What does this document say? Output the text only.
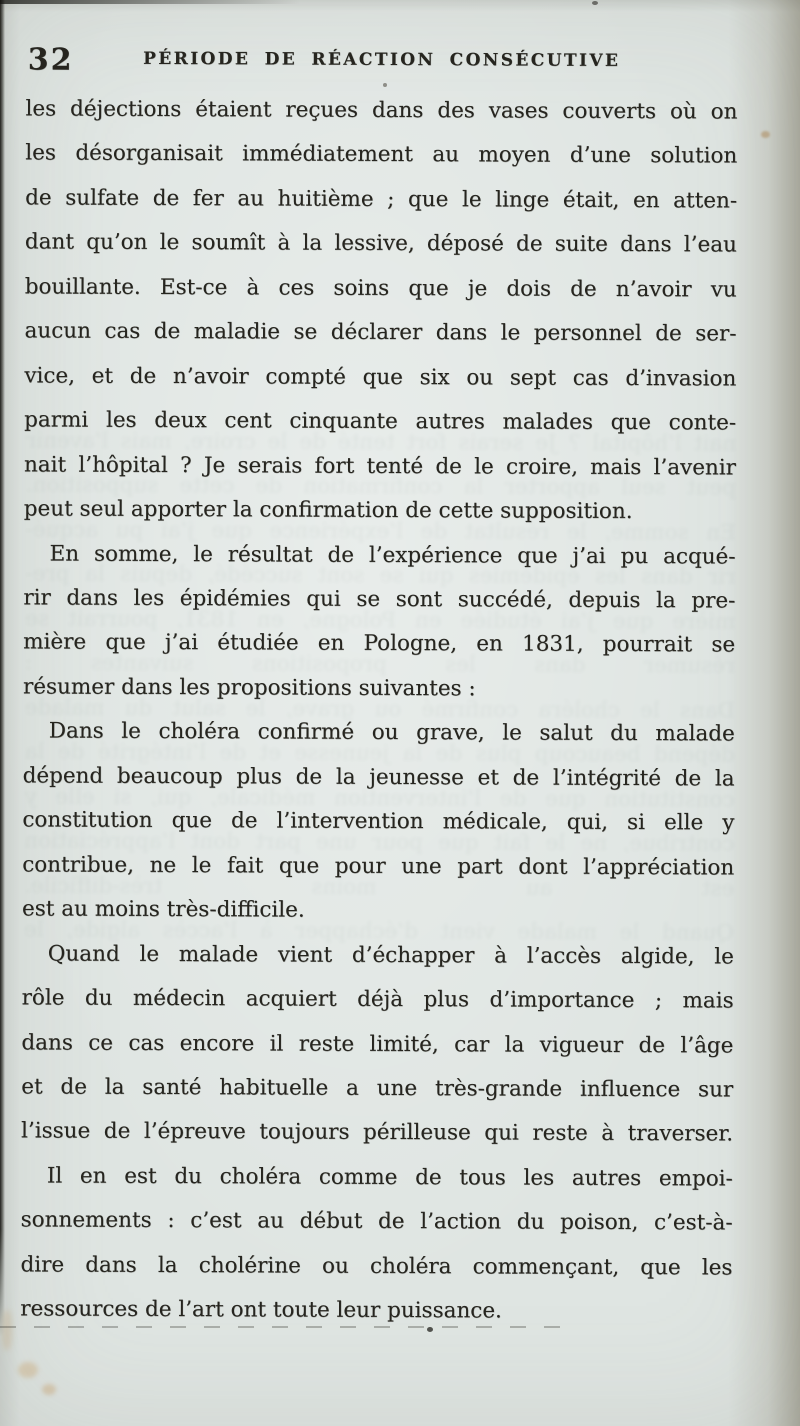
nait l’hôpital ? Je serais fort tenté de le croire, mais l’avenir
peut seul apporter la confirmation de cette supposition.
En somme, le résultat de l’expérience que j’ai pu acqué-
rir dans les épidémies qui se sont succédé, depuis la pre-
mière que j’ai étudiée en Pologne, en 1831, pourrait se
résumer dans les propositions suivantes :
Dans le choléra confirmé ou grave, le salut du malade
dépend beaucoup plus de la jeunesse et de l’intégrité de la
constitution que de l’intervention médicale, qui, si elle y
contribue, ne le fait que pour une part dont l’appréciation
est au moins très-difficile.
Quand le malade vient d’échapper à l’accès algide, le
32	PÉRIODE DE RÉACTION CONSÉCUTIVE
les déjections étaient reçues dans des vases couverts où on
les désorganisait immédiatement au moyen d’une solution
de sulfate de fer au huitième ; que le linge était, en atten-
dant qu’on le soumît à la lessive, déposé de suite dans l’eau
bouillante. Est-ce à ces soins que je dois de n’avoir vu
aucun cas de maladie se déclarer dans le personnel de ser-
vice, et de n’avoir compté que six ou sept cas d’invasion
parmi les deux cent cinquante autres malades que conte-
nait l’hôpital ? Je serais fort tenté de le croire, mais l’avenir
peut seul apporter la confirmation de cette supposition.
En somme, le résultat de l’expérience que j’ai pu acqué-
rir dans les épidémies qui se sont succédé, depuis la pre-
mière que j’ai étudiée en Pologne, en 1831, pourrait se
résumer dans les propositions suivantes :
Dans le choléra confirmé ou grave, le salut du malade
dépend beaucoup plus de la jeunesse et de l’intégrité de la
constitution que de l’intervention médicale, qui, si elle y
contribue, ne le fait que pour une part dont l’appréciation
est au moins très-difficile.
Quand le malade vient d’échapper à l’accès algide, le
rôle du médecin acquiert déjà plus d’importance ; mais
dans ce cas encore il reste limité, car la vigueur de l’âge
et de la santé habituelle a une très-grande influence sur
l’issue de l’épreuve toujours périlleuse qui reste à traverser.
Il en est du choléra comme de tous les autres empoi-
sonnements : c’est au début de l’action du poison, c’est-à-
dire dans la cholérine ou choléra commençant, que les
ressources de l’art ont toute leur puissance.
